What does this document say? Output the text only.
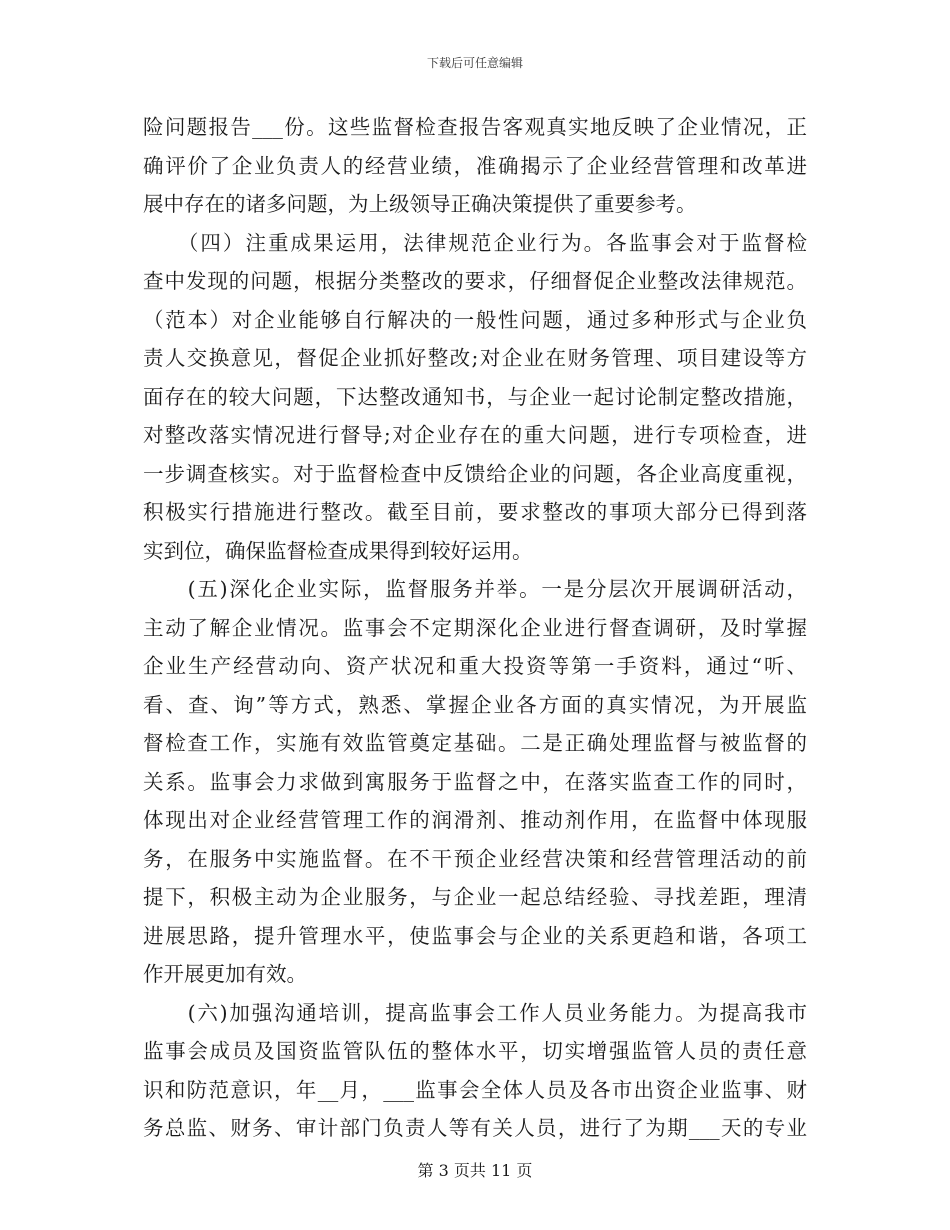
下载后可任意编辑
险问题报告___份。这些监督检查报告客观真实地反映了企业情况，正
确评价了企业负责人的经营业绩，准确揭示了企业经营管理和改革进
展中存在的诸多问题，为上级领导正确决策提供了重要参考。
　　（四）注重成果运用，法律规范企业行为。各监事会对于监督检
查中发现的问题，根据分类整改的要求，仔细督促企业整改法律规范。
（范本）对企业能够自行解决的一般性问题，通过多种形式与企业负
责人交换意见，督促企业抓好整改;对企业在财务管理、项目建设等方
面存在的较大问题，下达整改通知书，与企业一起讨论制定整改措施，
对整改落实情况进行督导;对企业存在的重大问题，进行专项检查，进
一步调查核实。对于监督检查中反馈给企业的问题，各企业高度重视，
积极实行措施进行整改。截至目前，要求整改的事项大部分已得到落
实到位，确保监督检查成果得到较好运用。
　　(五)深化企业实际，监督服务并举。一是分层次开展调研活动，
主动了解企业情况。监事会不定期深化企业进行督查调研，及时掌握
企业生产经营动向、资产状况和重大投资等第一手资料，通过“听、
看、查、询”等方式，熟悉、掌握企业各方面的真实情况，为开展监
督检查工作，实施有效监管奠定基础。二是正确处理监督与被监督的
关系。监事会力求做到寓服务于监督之中，在落实监查工作的同时，
体现出对企业经营管理工作的润滑剂、推动剂作用，在监督中体现服
务，在服务中实施监督。在不干预企业经营决策和经营管理活动的前
提下，积极主动为企业服务，与企业一起总结经验、寻找差距，理清
进展思路，提升管理水平，使监事会与企业的关系更趋和谐，各项工
作开展更加有效。
　　(六)加强沟通培训，提高监事会工作人员业务能力。为提高我市
监事会成员及国资监管队伍的整体水平，切实增强监管人员的责任意
识和防范意识，年__月，___监事会全体人员及各市出资企业监事、财
务总监、财务、审计部门负责人等有关人员，进行了为期___天的专业
第 3 页共 11 页
